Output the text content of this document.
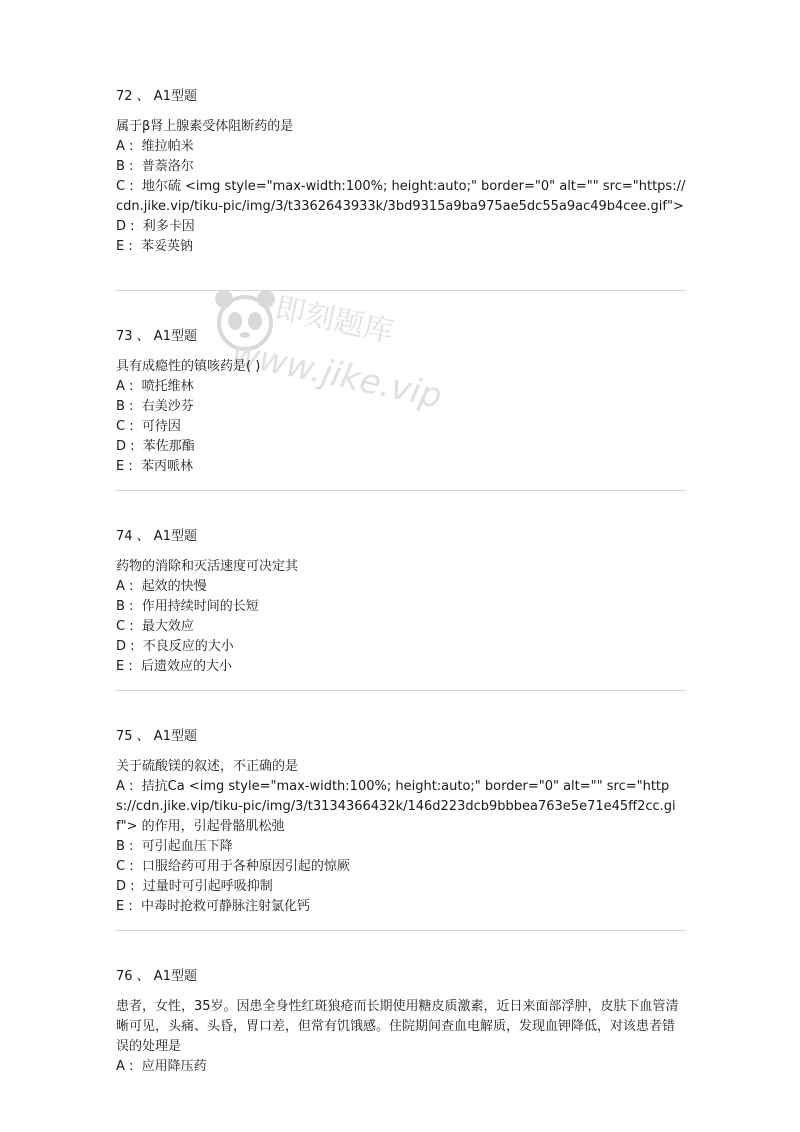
即刻题库
www.jike.vip

72 、 A1型题

属于β肾上腺素受体阻断药的是

A : 维拉帕米

B : 普萘洛尔

C : 地尔硫 <img style="max-width:100%; height:auto;" border="0" alt="" src="https://cdn.jike.vip/tiku-pic/img/3/t3362643933k/3bd9315a9ba975ae5dc55a9ac49b4cee.gif">

D : 利多卡因

E : 苯妥英钠

73 、 A1型题

具有成瘾性的镇咳药是( )

A : 喷托维林

B : 右美沙芬

C : 可待因

D : 苯佐那酯

E : 苯丙哌林

74 、 A1型题

药物的消除和灭活速度可决定其

A : 起效的快慢

B : 作用持续时间的长短

C : 最大效应

D : 不良反应的大小

E : 后遗效应的大小

75 、 A1型题

关于硫酸镁的叙述，不正确的是

A : 拮抗Ca <img style="max-width:100%; height:auto;" border="0" alt="" src="https://cdn.jike.vip/tiku-pic/img/3/t3134366432k/146d223dcb9bbbea763e5e71e45ff2cc.gif"> 的作用，引起骨骼肌松弛

B : 可引起血压下降

C : 口服给药可用于各种原因引起的惊厥

D : 过量时可引起呼吸抑制

E : 中毒时抢救可静脉注射氯化钙

76 、 A1型题

患者，女性，35岁。因患全身性红斑狼疮而长期使用糖皮质激素，近日来面部浮肿，皮肤下血管清晰可见，头痛、头昏，胃口差，但常有饥饿感。住院期间查血电解质，发现血钾降低，对该患者错误的处理是

A : 应用降压药
